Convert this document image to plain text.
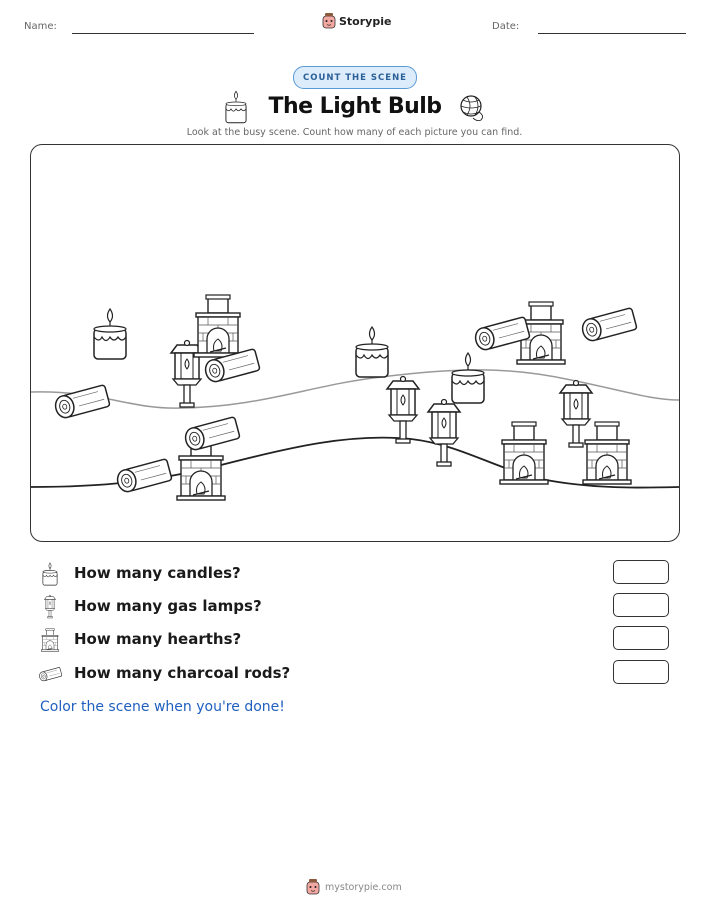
Name:	Storypie	Date:
COUNT THE SCENE
The Light Bulb
Look at the busy scene. Count how many of each picture you can find.
How many candles?
How many gas lamps?
How many hearths?
How many charcoal rods?
Color the scene when you're done!
mystorypie.com
